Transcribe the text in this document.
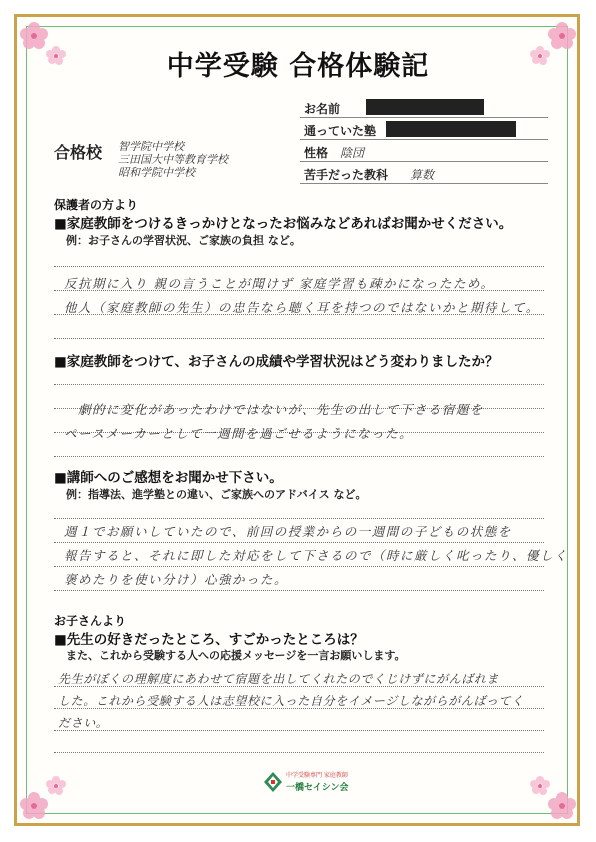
中学受験 合格体験記
合格校 智学院中学校
三田国大中等教育学校
昭和学院中学校
お名前
通っていた塾
性格 陰団
苦手だった教科 算数
保護者の方より
■家庭教師をつけるきっかけとなったお悩みなどあればお聞かせください。
例：お子さんの学習状況、ご家族の負担 など。
反抗期に入り 親の言うことが聞けず 家庭学習も疎かになったため。
他人（家庭教師の先生）の忠告なら聴く耳を持つのではないかと期待して。
■家庭教師をつけて、お子さんの成績や学習状況はどう変わりましたか？
劇的に変化があったわけではないが、先生の出して下さる宿題を
ペースメーカーとして一週間を過ごせるようになった。
■講師へのご感想をお聞かせ下さい。
例：指導法、進学塾との違い、ご家族へのアドバイス など。
週１でお願いしていたので、前回の授業からの一週間の子どもの状態を
報告すると、それに即した対応をして下さるので（時に厳しく叱ったり、優しく
褒めたりを使い分け）心強かった。
お子さんより
■先生の好きだったところ、すごかったところは？
また、これから受験する人への応援メッセージを一言お願いします。
先生がぼくの理解度にあわせて宿題を出してくれたのでくじけずにがんばれま
した。これから受験する人は志望校に入った自分をイメージしながらがんばってく
ださい。
中学受験専門 家庭教師
一橋セイシン会
